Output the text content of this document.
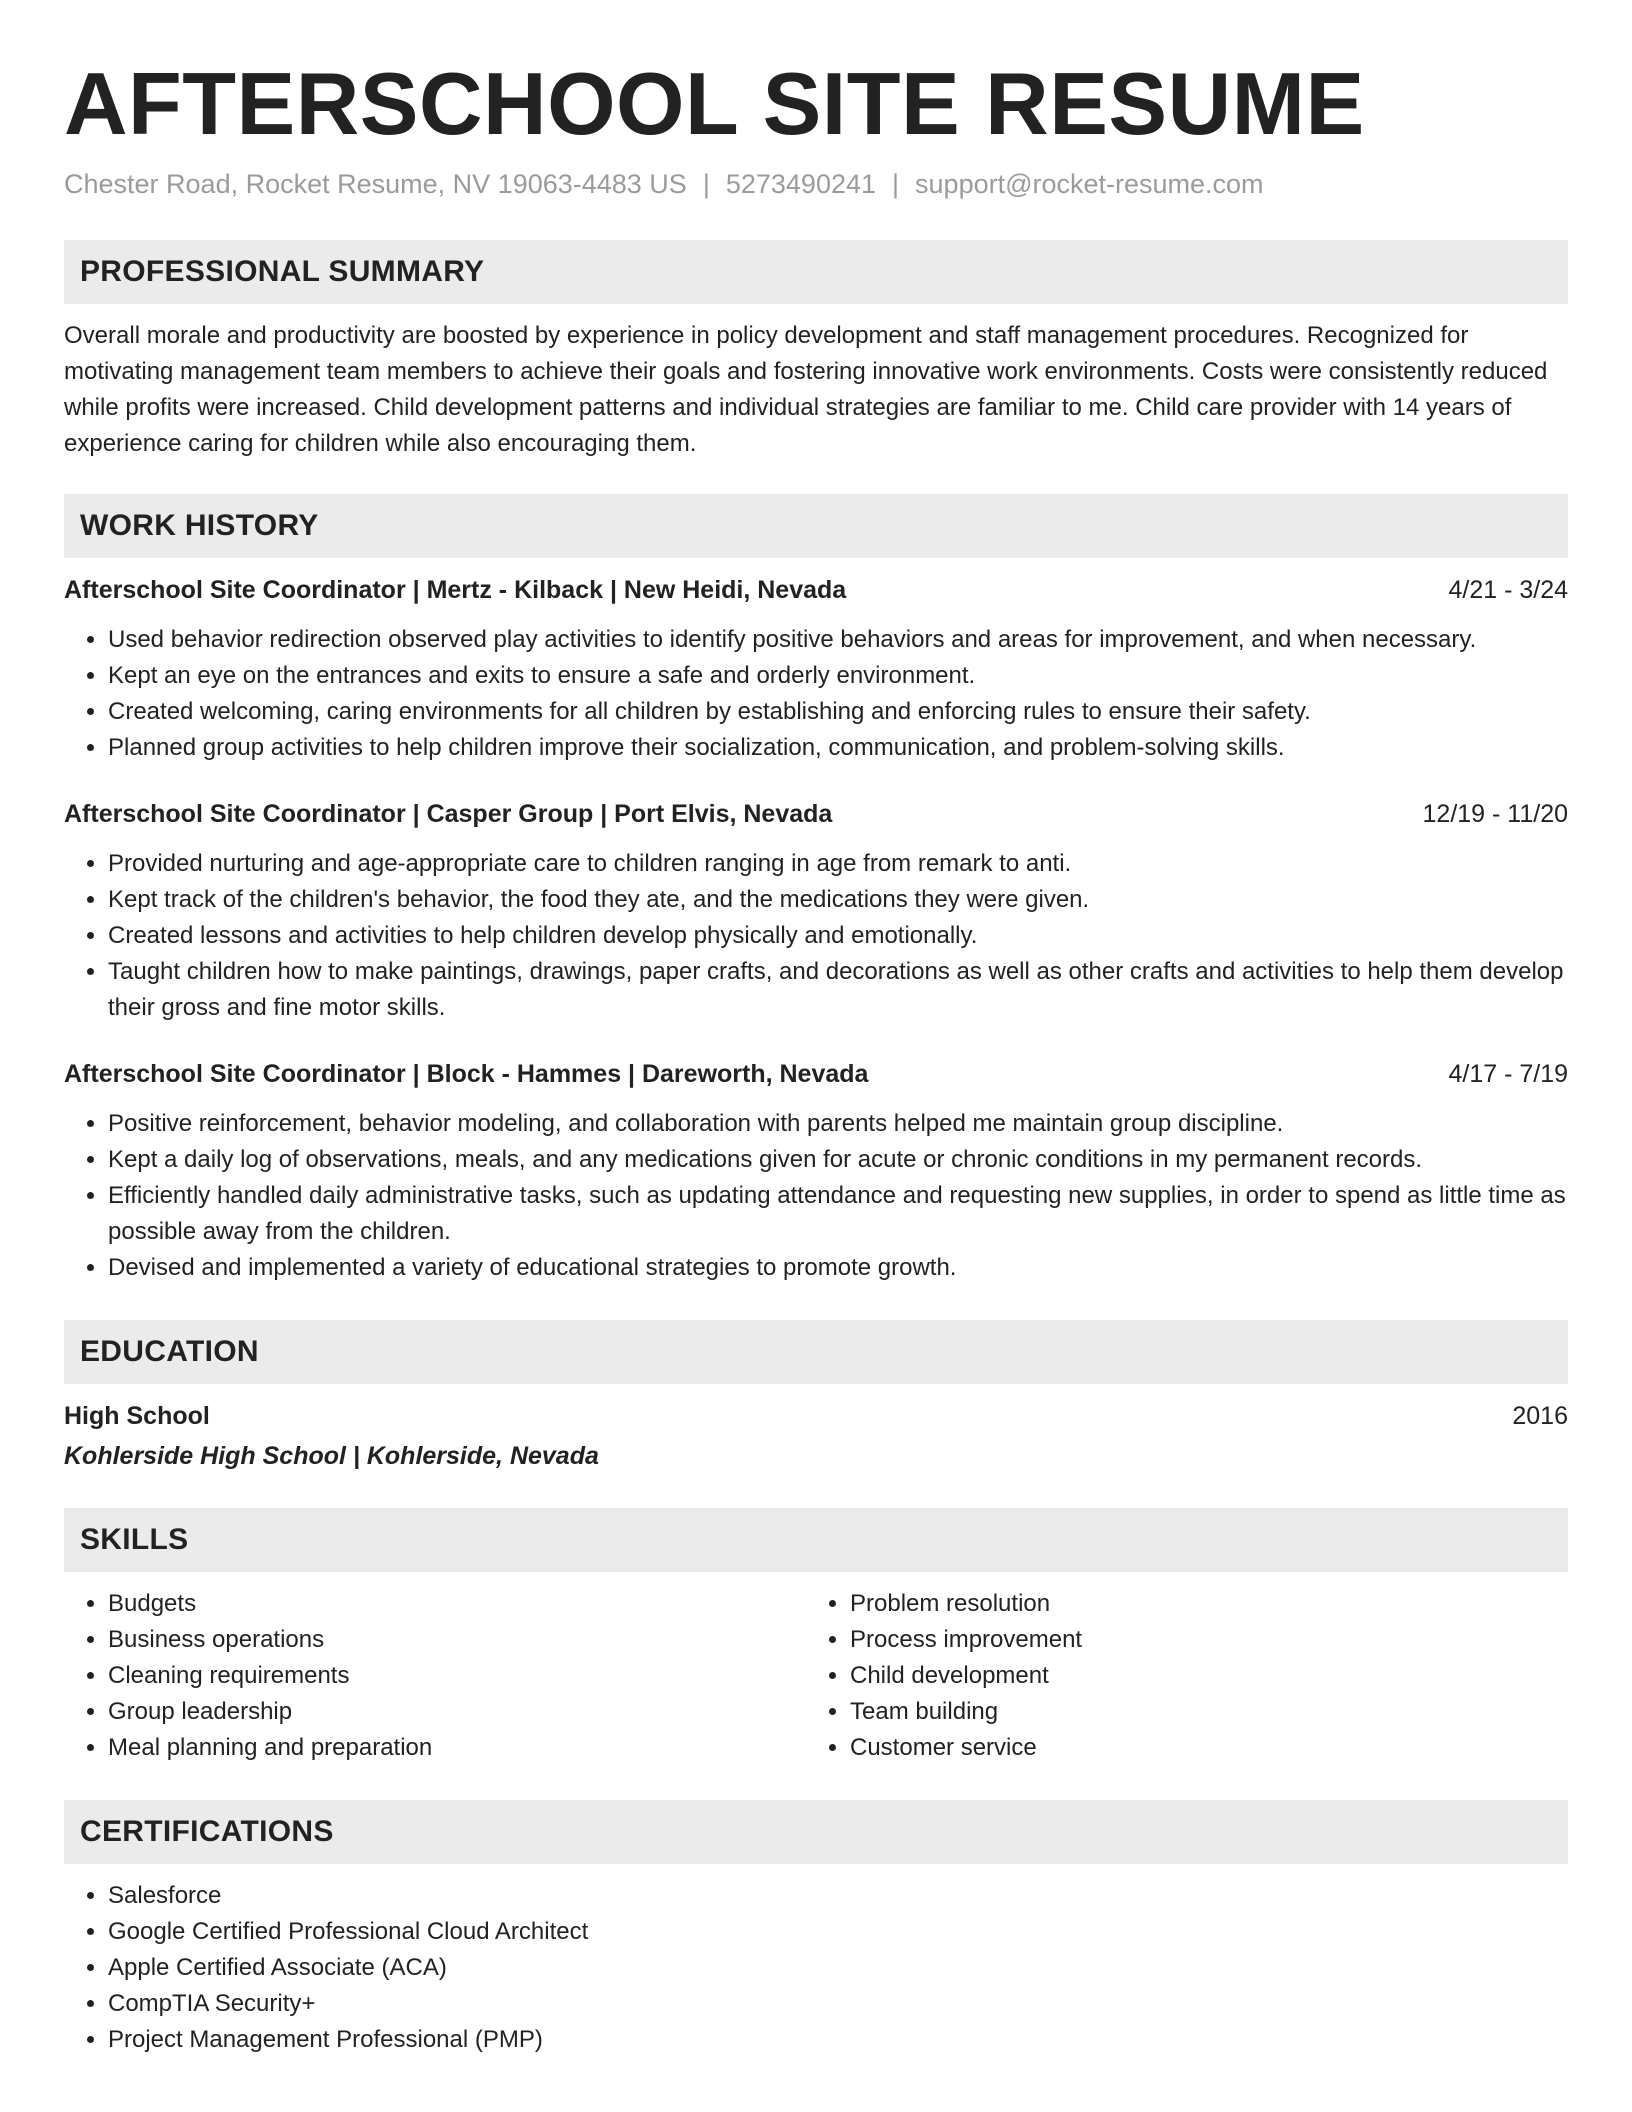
AFTERSCHOOL SITE RESUME
Chester Road, Rocket Resume, NV 19063-4483 US | 5273490241 | support@rocket-resume.com
PROFESSIONAL SUMMARY

Overall morale and productivity are boosted by experience in policy development and staff management procedures. Recognized for motivating management team members to achieve their goals and fostering innovative work environments. Costs were consistently reduced while profits were increased. Child development patterns and individual strategies are familiar to me. Child care provider with 14 years of experience caring for children while also encouraging them.

WORK HISTORY
Afterschool Site Coordinator | Mertz - Kilback | New Heidi, Nevada	4/21 - 3/24
• Used behavior redirection observed play activities to identify positive behaviors and areas for improvement, and when necessary.
• Kept an eye on the entrances and exits to ensure a safe and orderly environment.
• Created welcoming, caring environments for all children by establishing and enforcing rules to ensure their safety.
• Planned group activities to help children improve their socialization, communication, and problem-solving skills.
Afterschool Site Coordinator | Casper Group | Port Elvis, Nevada	12/19 - 11/20
• Provided nurturing and age-appropriate care to children ranging in age from remark to anti.
• Kept track of the children's behavior, the food they ate, and the medications they were given.
• Created lessons and activities to help children develop physically and emotionally.
• Taught children how to make paintings, drawings, paper crafts, and decorations as well as other crafts and activities to help them develop their gross and fine motor skills.
Afterschool Site Coordinator | Block - Hammes | Dareworth, Nevada	4/17 - 7/19
• Positive reinforcement, behavior modeling, and collaboration with parents helped me maintain group discipline.
• Kept a daily log of observations, meals, and any medications given for acute or chronic conditions in my permanent records.
• Efficiently handled daily administrative tasks, such as updating attendance and requesting new supplies, in order to spend as little time as possible away from the children.
• Devised and implemented a variety of educational strategies to promote growth.
EDUCATION
High School	2016
Kohlerside High School | Kohlerside, Nevada
SKILLS
• Budgets
• Business operations
• Cleaning requirements
• Group leadership
• Meal planning and preparation
• Problem resolution
• Process improvement
• Child development
• Team building
• Customer service
CERTIFICATIONS
• Salesforce
• Google Certified Professional Cloud Architect
• Apple Certified Associate (ACA)
• CompTIA Security+
• Project Management Professional (PMP)
